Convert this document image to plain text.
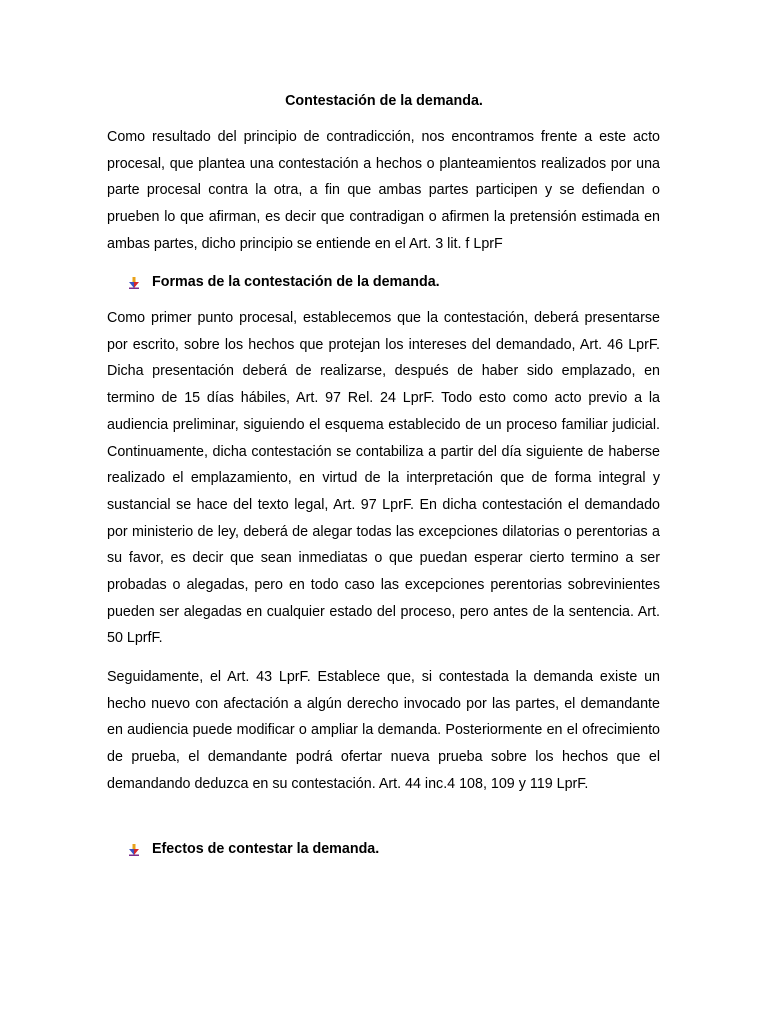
Contestación de la demanda.

Como resultado del principio de contradicción, nos encontramos frente a este acto procesal, que plantea una contestación a hechos o planteamientos realizados por una parte procesal contra la otra, a fin que ambas partes participen y se defiendan o prueben lo que afirman, es decir que contradigan o afirmen la pretensión estimada en ambas partes, dicho principio se entiende en el Art. 3 lit. f LprF

Formas de la contestación de la demanda.

Como primer punto procesal, establecemos que la contestación, deberá presentarse por escrito, sobre los hechos que protejan los intereses del demandado, Art. 46 LprF. Dicha presentación deberá de realizarse, después de haber sido emplazado, en termino de 15 días hábiles, Art. 97 Rel. 24 LprF. Todo esto como acto previo a la audiencia preliminar, siguiendo el esquema establecido de un proceso familiar judicial. Continuamente, dicha contestación se contabiliza a partir del día siguiente de haberse realizado el emplazamiento, en virtud de la interpretación que de forma integral y sustancial se hace del texto legal, Art. 97 LprF. En dicha contestación el demandado por ministerio de ley, deberá de alegar todas las excepciones dilatorias o perentorias a su favor, es decir que sean inmediatas o que puedan esperar cierto termino a ser probadas o alegadas, pero en todo caso las excepciones perentorias sobrevinientes pueden ser alegadas en cualquier estado del proceso, pero antes de la sentencia. Art. 50 LprfF.

Seguidamente, el Art. 43 LprF. Establece que, si contestada la demanda existe un hecho nuevo con afectación a algún derecho invocado por las partes, el demandante en audiencia puede modificar o ampliar la demanda. Posteriormente en el ofrecimiento de prueba, el demandante podrá ofertar nueva prueba sobre los hechos que el demandando deduzca en su contestación. Art. 44 inc.4 108, 109 y 119 LprF.

Efectos de contestar la demanda.
